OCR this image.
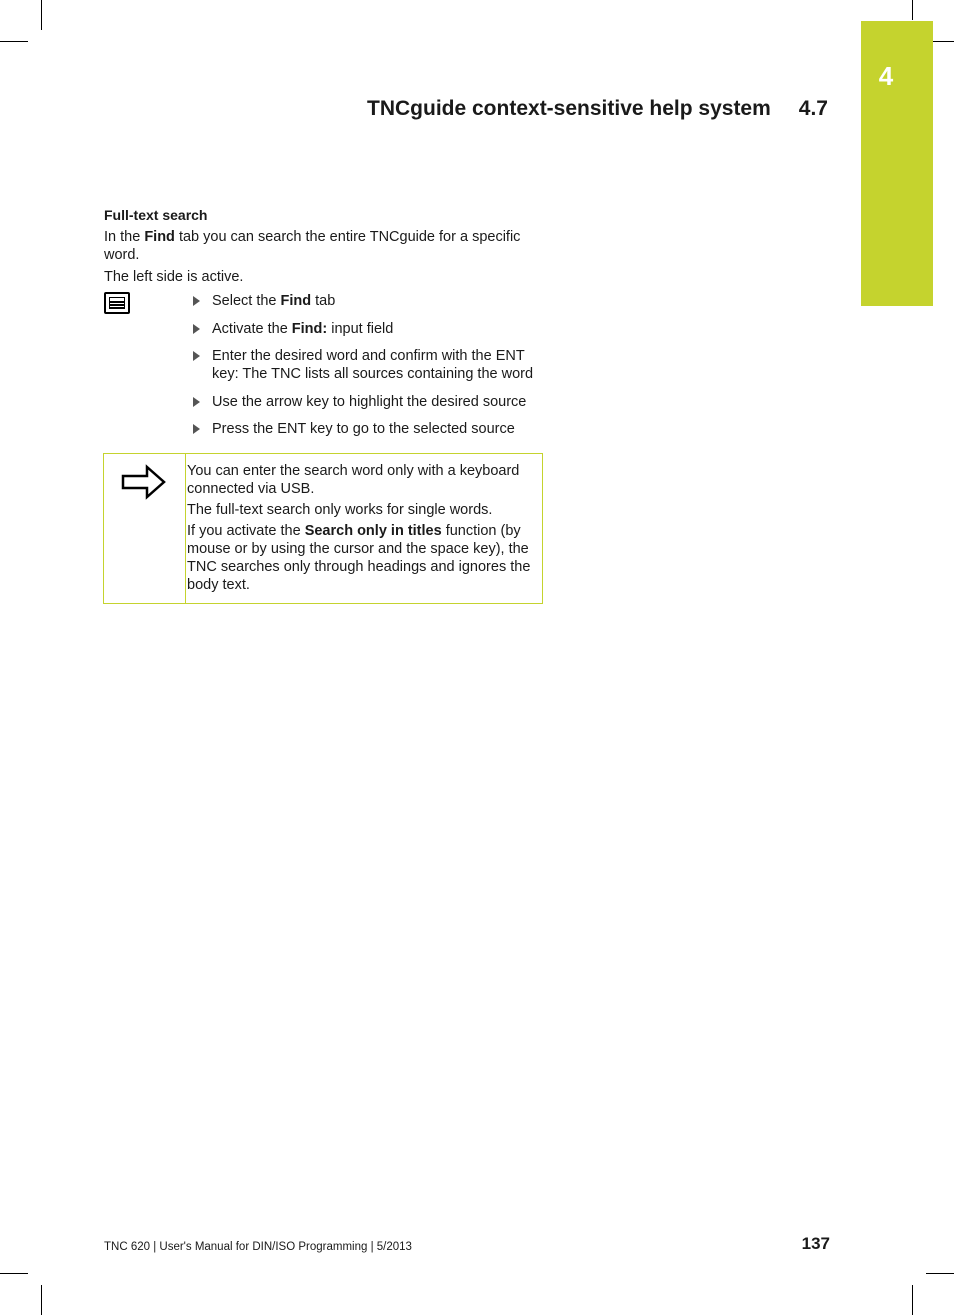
4
TNCguide context-sensitive help system 4.7

Full-text search

In the Find tab you can search the entire TNCguide for a specific word.

The left side is active.

Select the Find tab
Activate the Find: input field
Enter the desired word and confirm with the ENT key: The TNC lists all sources containing the word
Use the arrow key to highlight the desired source
Press the ENT key to go to the selected source

You can enter the search word only with a keyboard connected via USB.

The full-text search only works for single words.

If you activate the Search only in titles function (by mouse or by using the cursor and the space key), the TNC searches only through headings and ignores the body text.

TNC 620 | User's Manual for DIN/ISO Programming | 5/2013	137
